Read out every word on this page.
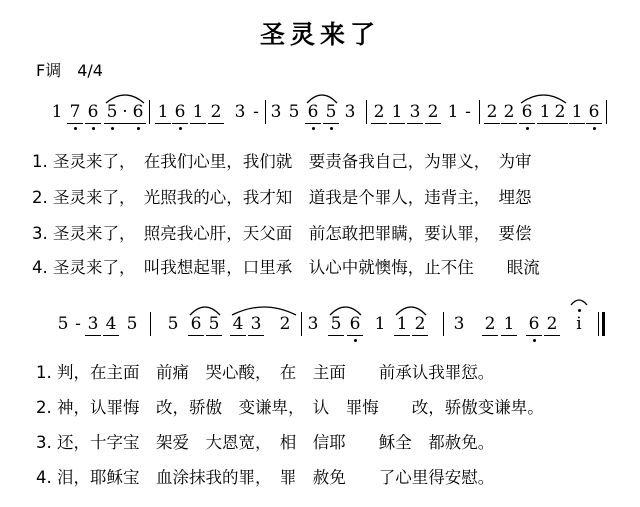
圣灵来了
F调　4/4
1 7 6 5 · 6 1 6 1 2 3 - 3 5 6 5 3 2 1 3 2 1 - 2 2 6 1 2 1 6
1. 圣灵来了，　在我们心里，我们就　要责备我自己，为罪义，　为审
2. 圣灵来了，　光照我的心，我才知　道我是个罪人，违背主，　埋怨
3. 圣灵来了，　照亮我心肝，天父面　前怎敢把罪瞒，要认罪，　要偿
4. 圣灵来了，　叫我想起罪，口里承　认心中就懊悔，止不住　　眼流
5 - 3 4 5 5 6 5 4 3 2 3 5 6 1 1 2 3 2 1 6 2 i
1. 判，在主面　前痛　哭心酸，　在　主面　　前承认我罪愆。
2. 神，认罪悔　改，骄傲　变谦卑，　认　罪悔　　改，骄傲变谦卑。
3. 还，十字宝　架爱　大恩宽，　相　信耶　　稣全　都赦免。
4. 泪，耶稣宝　血涂抹我的罪，　罪　赦免　　了心里得安慰。
